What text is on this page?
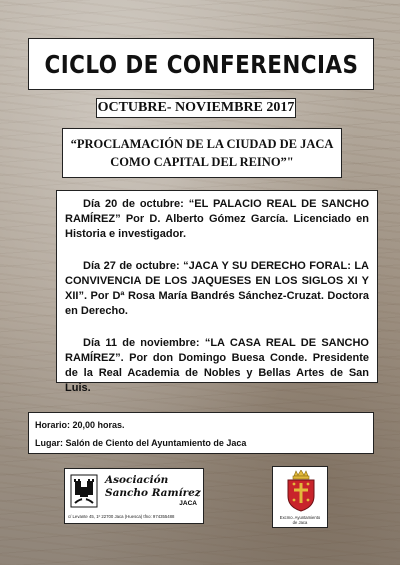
CICLO DE CONFERENCIAS
OCTUBRE- NOVIEMBRE 2017
“PROCLAMACIÓN DE LA CIUDAD DE JACA
COMO CAPITAL DEL REINO”"

Día 20 de octubre: “EL PALACIO REAL DE SANCHO RAMÍREZ” Por D. Alberto Gómez García. Licenciado en Historia e investigador.

Día 27 de octubre: “JACA Y SU DERECHO FORAL: LA CONVIVENCIA DE LOS JAQUESES EN LOS SIGLOS XI Y XII”. Por Dª Rosa María Bandrés Sánchez-Cruzat. Doctora en Derecho.

Día 11 de noviembre: “LA CASA REAL DE SANCHO RAMÍREZ”. Por don Domingo Buesa Conde. Presidente de la Real Academia de Nobles y Bellas Artes de San Luis.

Horario: 20,00 horas.
Lugar: Salón de Ciento del Ayuntamiento de Jaca
Asociación
Sancho Ramírez
JACA
c/ Levante 45, 1º 22700 Jaca (Huesca) tfno: 974355488	Excmo. Ayuntamiento
de Jaca
